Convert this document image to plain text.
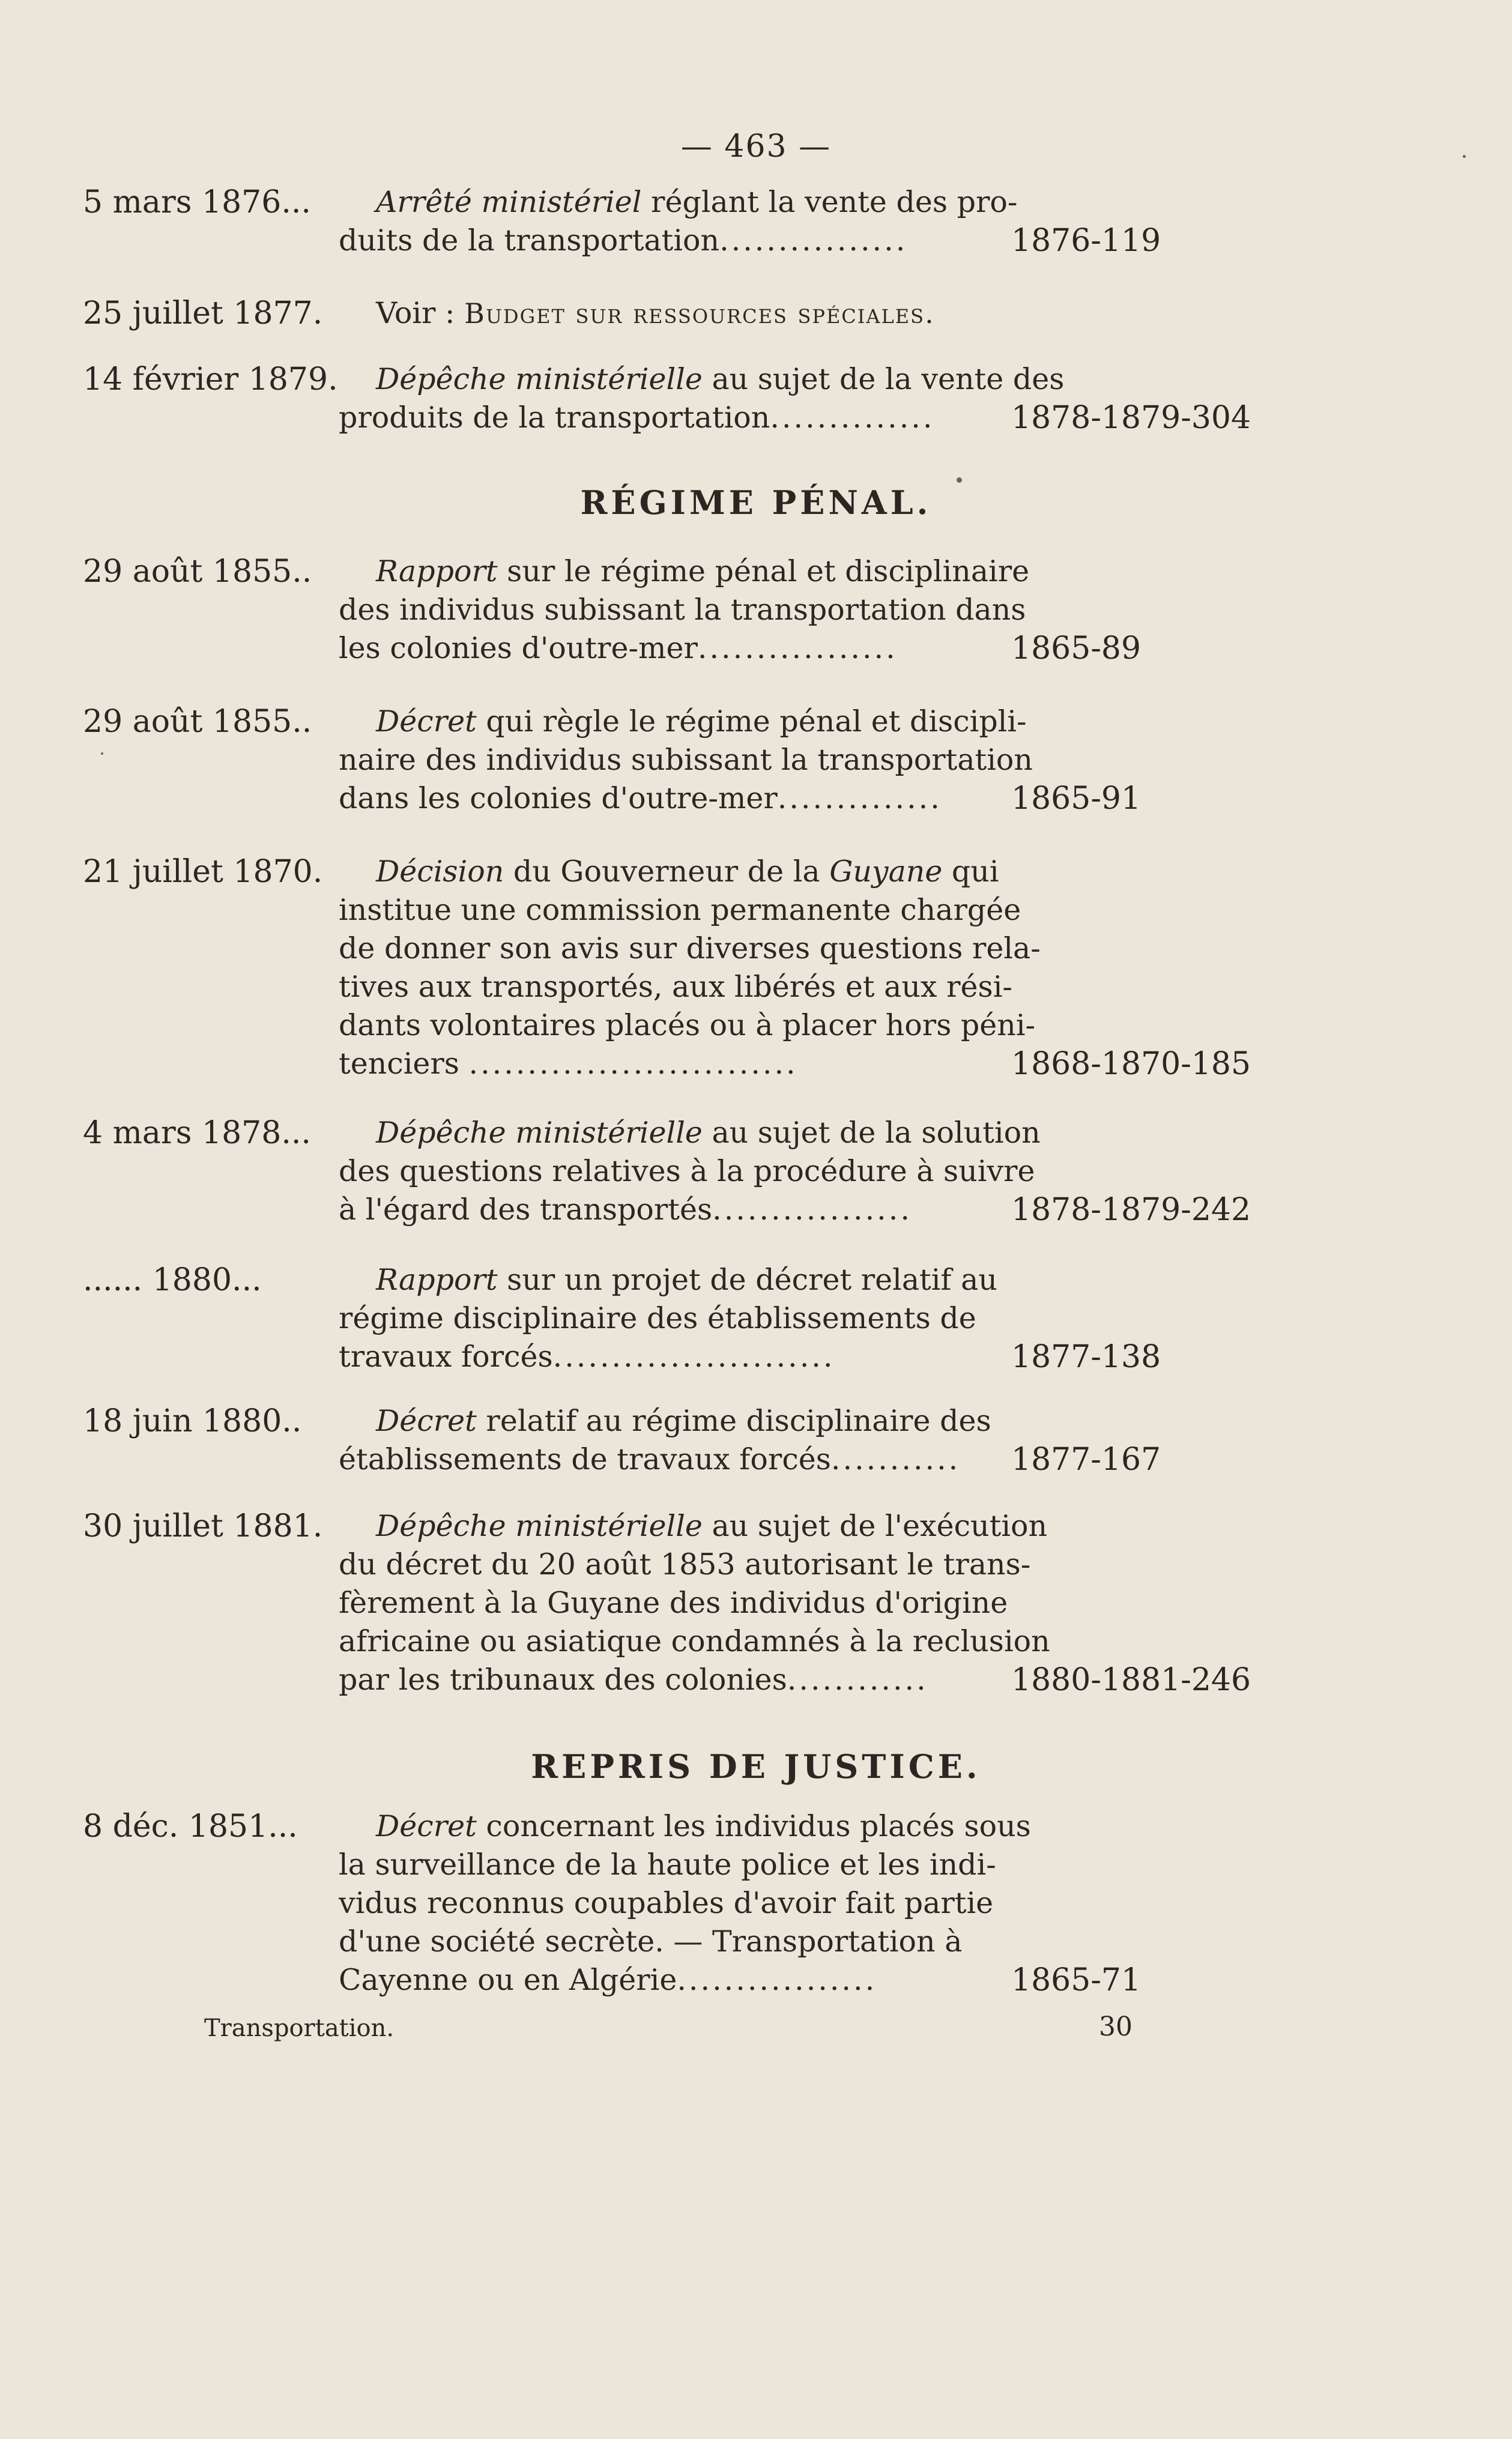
— 463 —
5 mars 1876...	Arrêté ministériel réglant la vente des pro-
duits de la transportation................	1876-119
25 juillet 1877.	Voir : Budget sur ressources spéciales.
14 février 1879.	Dépêche ministérielle au sujet de la vente des
produits de la transportation..............	1878-1879-304
RÉGIME PÉNAL.
29 août 1855..	Rapport sur le régime pénal et disciplinaire
des individus subissant la transportation dans
les colonies d'outre-mer.................	1865-89
29 août 1855..	Décret qui règle le régime pénal et discipli-
naire des individus subissant la transportation
dans les colonies d'outre-mer..............	1865-91
21 juillet 1870.	Décision du Gouverneur de la Guyane qui
institue une commission permanente chargée
de donner son avis sur diverses questions rela-
tives aux transportés, aux libérés et aux rési-
dants volontaires placés ou à placer hors péni-
tenciers ............................	1868-1870-185
4 mars 1878...	Dépêche ministérielle au sujet de la solution
des questions relatives à la procédure à suivre
à l'égard des transportés.................	1878-1879-242
...... 1880...	Rapport sur un projet de décret relatif au
régime disciplinaire des établissements de
travaux forcés........................	1877-138
18 juin 1880..	Décret relatif au régime disciplinaire des
établissements de travaux forcés...........	1877-167
30 juillet 1881.	Dépêche ministérielle au sujet de l'exécution
du décret du 20 août 1853 autorisant le trans-
fèrement à la Guyane des individus d'origine
africaine ou asiatique condamnés à la reclusion
par les tribunaux des colonies............	1880-1881-246
REPRIS DE JUSTICE.
8 déc. 1851...	Décret concernant les individus placés sous
la surveillance de la haute police et les indi-
vidus reconnus coupables d'avoir fait partie
d'une société secrète. — Transportation à
Cayenne ou en Algérie.................	1865-71
Transportation.	30
